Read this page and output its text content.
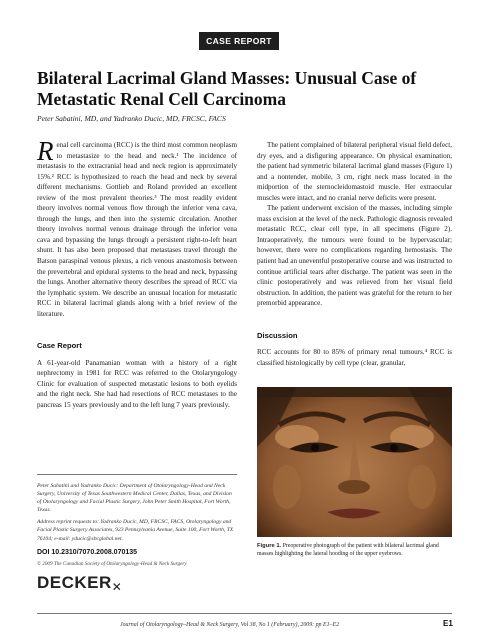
CASE REPORT
Bilateral Lacrimal Gland Masses: Unusual Case of
Metastatic Renal Cell Carcinoma
Peter Sabatini, MD, and Yadranko Ducic, MD, FRCSC, FACS

Renal cell carcinoma (RCC) is the third most common neoplasm to metastasize to the head and neck.¹ The incidence of metastasis to the extracranial head and neck region is approximately 15%.² RCC is hypothesized to reach the head and neck by several different mechanisms. Gottlieb and Roland provided an excellent review of the most prevalent theories.³ The most readily evident theory involves normal venous flow through the inferior vena cava, through the lungs, and then into the systemic circulation. Another theory involves normal venous drainage through the inferior vena cava and bypassing the lungs through a persistent right-to-left heart shunt. It has also been proposed that metastases travel through the Batson paraspinal venous plexus, a rich venous anastomosis between the prevertebral and epidural systems to the head and neck, bypassing the lungs. Another alternative theory describes the spread of RCC via the lymphatic system. We describe an unusual location for metastatic RCC in bilateral lacrimal glands along with a brief review of the literature.

Case Report

A 61-year-old Panamanian woman with a history of a right nephrectomy in 1981 for RCC was referred to the Otolaryngology Clinic for evaluation of suspected metastatic lesions to both eyelids and the right neck. She had had resections of RCC metastases to the pancreas 15 years previously and to the left lung 7 years previously.

The patient complained of bilateral peripheral visual field defect, dry eyes, and a disfiguring appearance. On physical examination, the patient had symmetric bilateral lacrimal gland masses (Figure 1) and a nontender, mobile, 3 cm, right neck mass located in the midportion of the sternocleidomastoid muscle. Her extraocular muscles were intact, and no cranial nerve deficits were present.

The patient underwent excision of the masses, including simple mass excision at the level of the neck. Pathologic diagnosis revealed metastatic RCC, clear cell type, in all specimens (Figure 2). Intraoperatively, the tumours were found to be hypervascular; however, there were no complications regarding hemostasis. The patient had an uneventful postoperative course and was instructed to continue artificial tears after discharge. The patient was seen in the clinic postoperatively and was relieved from her visual field obstruction. In addition, the patient was grateful for the return to her premorbid appearance.

Discussion

RCC accounts for 80 to 85% of primary renal tumours.⁴ RCC is classified histologically by cell type (clear, granular,

Peter Sabatini and Yadranko Ducic: Department of Otolaryngology-Head and Neck Surgery, University of Texas Southwestern Medical Center, Dallas, Texas, and Division of Otolaryngology and Facial Plastic Surgery, John Peter Smith Hospital, Fort Worth, Texas.

Address reprint requests to: Yadranko Ducic, MD, FRCSC, FACS, Otolaryngology and Facial Plastic Surgery Associates, 923 Pennsylvania Avenue, Suite 100, Fort Worth, TX 76104; e-mail: yducic@sbcglobal.net.

DOI 10.2310/7070.2008.070135
© 2009 The Canadian Society of Otolaryngology-Head & Neck Surgery
DECKER✕
Figure 1. Preoperative photograph of the patient with bilateral lacrimal gland masses highlighting the lateral hooding of the upper eyebrows.
Journal of Otolaryngology–Head & Neck Surgery, Vol 38, No 1 (February), 2009: pp E1–E2	E1
